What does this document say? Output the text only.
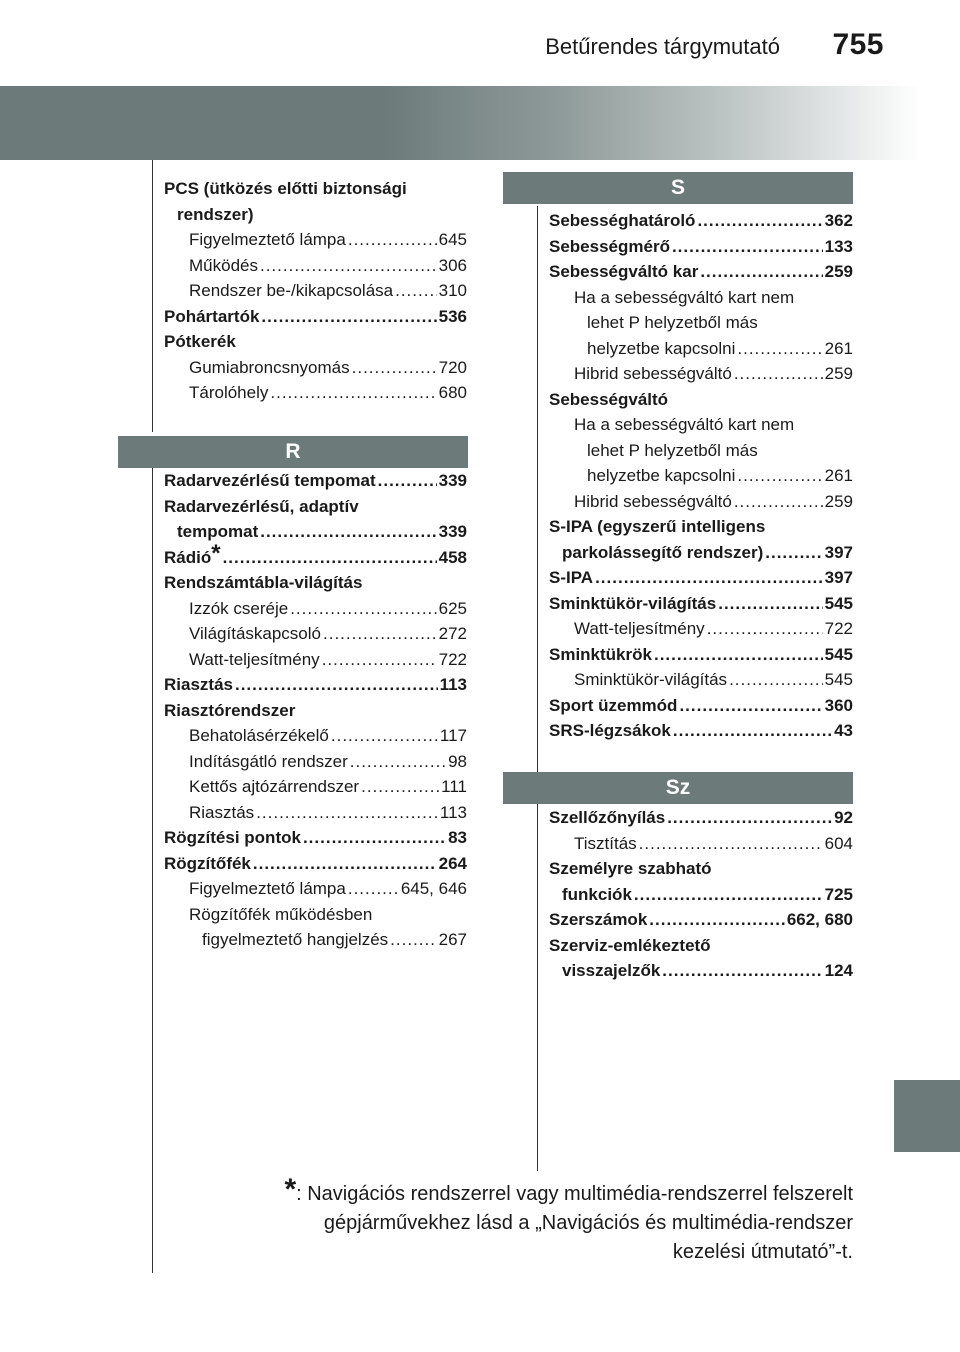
Betűrendes tárgymutató 755
PCS (ütközés előtti biztonsági
rendszer)
Figyelmeztető lámpa .....	645
Működés .....	306
Rendszer be-/kikapcsolása .....	310
Pohártartók .....	536
Pótkerék
Gumiabroncsnyomás .....	720
Tárolóhely .....	680
R
Radarvezérlésű tempomat .....	339
Radarvezérlésű, adaptív
tempomat .....	339
Rádió * .....	458
Rendszámtábla-világítás
Izzók cseréje .....	625
Világításkapcsoló .....	272
Watt-teljesítmény .....	722
Riasztás .....	113
Riasztórendszer
Behatolásérzékelő .....	117
Indításgátló rendszer .....	98
Kettős ajtózárrendszer .....	111
Riasztás .....	113
Rögzítési pontok .....	83
Rögzítőfék .....	264
Figyelmeztető lámpa .....	645, 646
Rögzítőfék működésben
figyelmeztető hangjelzés .....	267
S
Sebességhatároló .....	362
Sebességmérő .....	133
Sebességváltó kar .....	259
Ha a sebességváltó kart nem
lehet P helyzetből más
helyzetbe kapcsolni .....	261
Hibrid sebességváltó .....	259
Sebességváltó
Ha a sebességváltó kart nem
lehet P helyzetből más
helyzetbe kapcsolni .....	261
Hibrid sebességváltó .....	259
S-IPA (egyszerű intelligens
parkolássegítő rendszer) .....	397
S-IPA .....	397
Sminktükör-világítás .....	545
Watt-teljesítmény .....	722
Sminktükrök .....	545
Sminktükör-világítás .....	545
Sport üzemmód .....	360
SRS-légzsákok .....	43
Sz
Szellőzőnyílás .....	92
Tisztítás .....	604
Személyre szabható
funkciók .....	725
Szerszámok .....	662, 680
Szerviz-emlékeztető
visszajelzők .....	124
*: Navigációs rendszerrel vagy multimédia-rendszerrel felszerelt
gépjárművekhez lásd a „Navigációs és multimédia-rendszer
kezelési útmutató”-t.
